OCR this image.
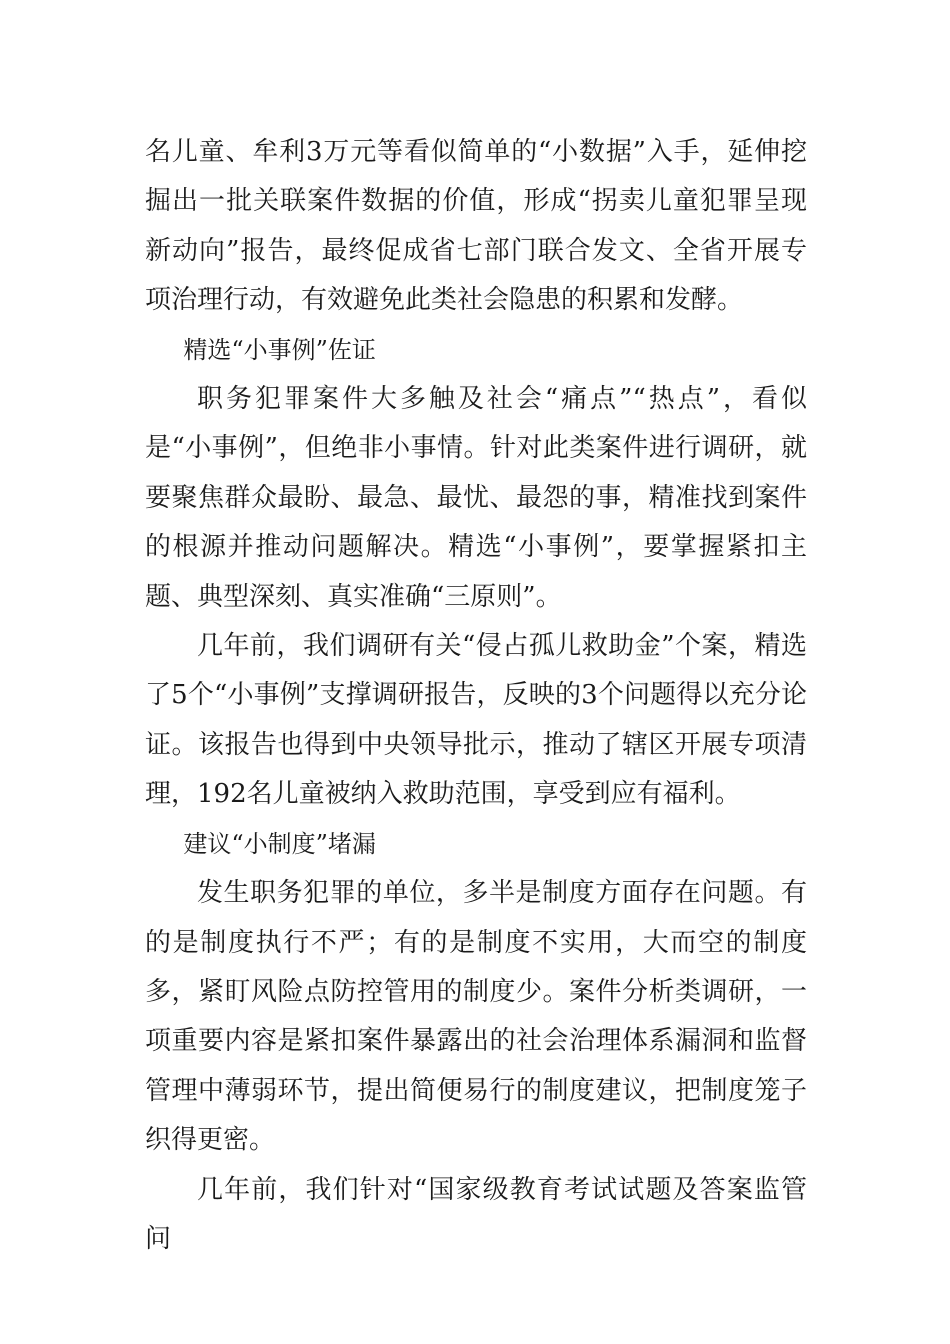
名儿童、牟利3万元等看似简单的“小数据”入手，延伸挖掘出一批关联案件数据的价值，形成“拐卖儿童犯罪呈现新动向”报告，最终促成省七部门联合发文、全省开展专项治理行动，有效避免此类社会隐患的积累和发酵。

精选“小事例”佐证

职务犯罪案件大多触及社会“痛点”“热点”，看似是“小事例”，但绝非小事情。针对此类案件进行调研，就要聚焦群众最盼、最急、最忧、最怨的事，精准找到案件的根源并推动问题解决。精选“小事例”，要掌握紧扣主题、典型深刻、真实准确“三原则”。

几年前，我们调研有关“侵占孤儿救助金”个案，精选了5个“小事例”支撑调研报告，反映的3个问题得以充分论证。该报告也得到中央领导批示，推动了辖区开展专项清理，192名儿童被纳入救助范围，享受到应有福利。

建议“小制度”堵漏

发生职务犯罪的单位，多半是制度方面存在问题。有的是制度执行不严；有的是制度不实用，大而空的制度多，紧盯风险点防控管用的制度少。案件分析类调研，一项重要内容是紧扣案件暴露出的社会治理体系漏洞和监督管理中薄弱环节，提出简便易行的制度建议，把制度笼子织得更密。

几年前，我们针对“国家级教育考试试题及答案监管问
